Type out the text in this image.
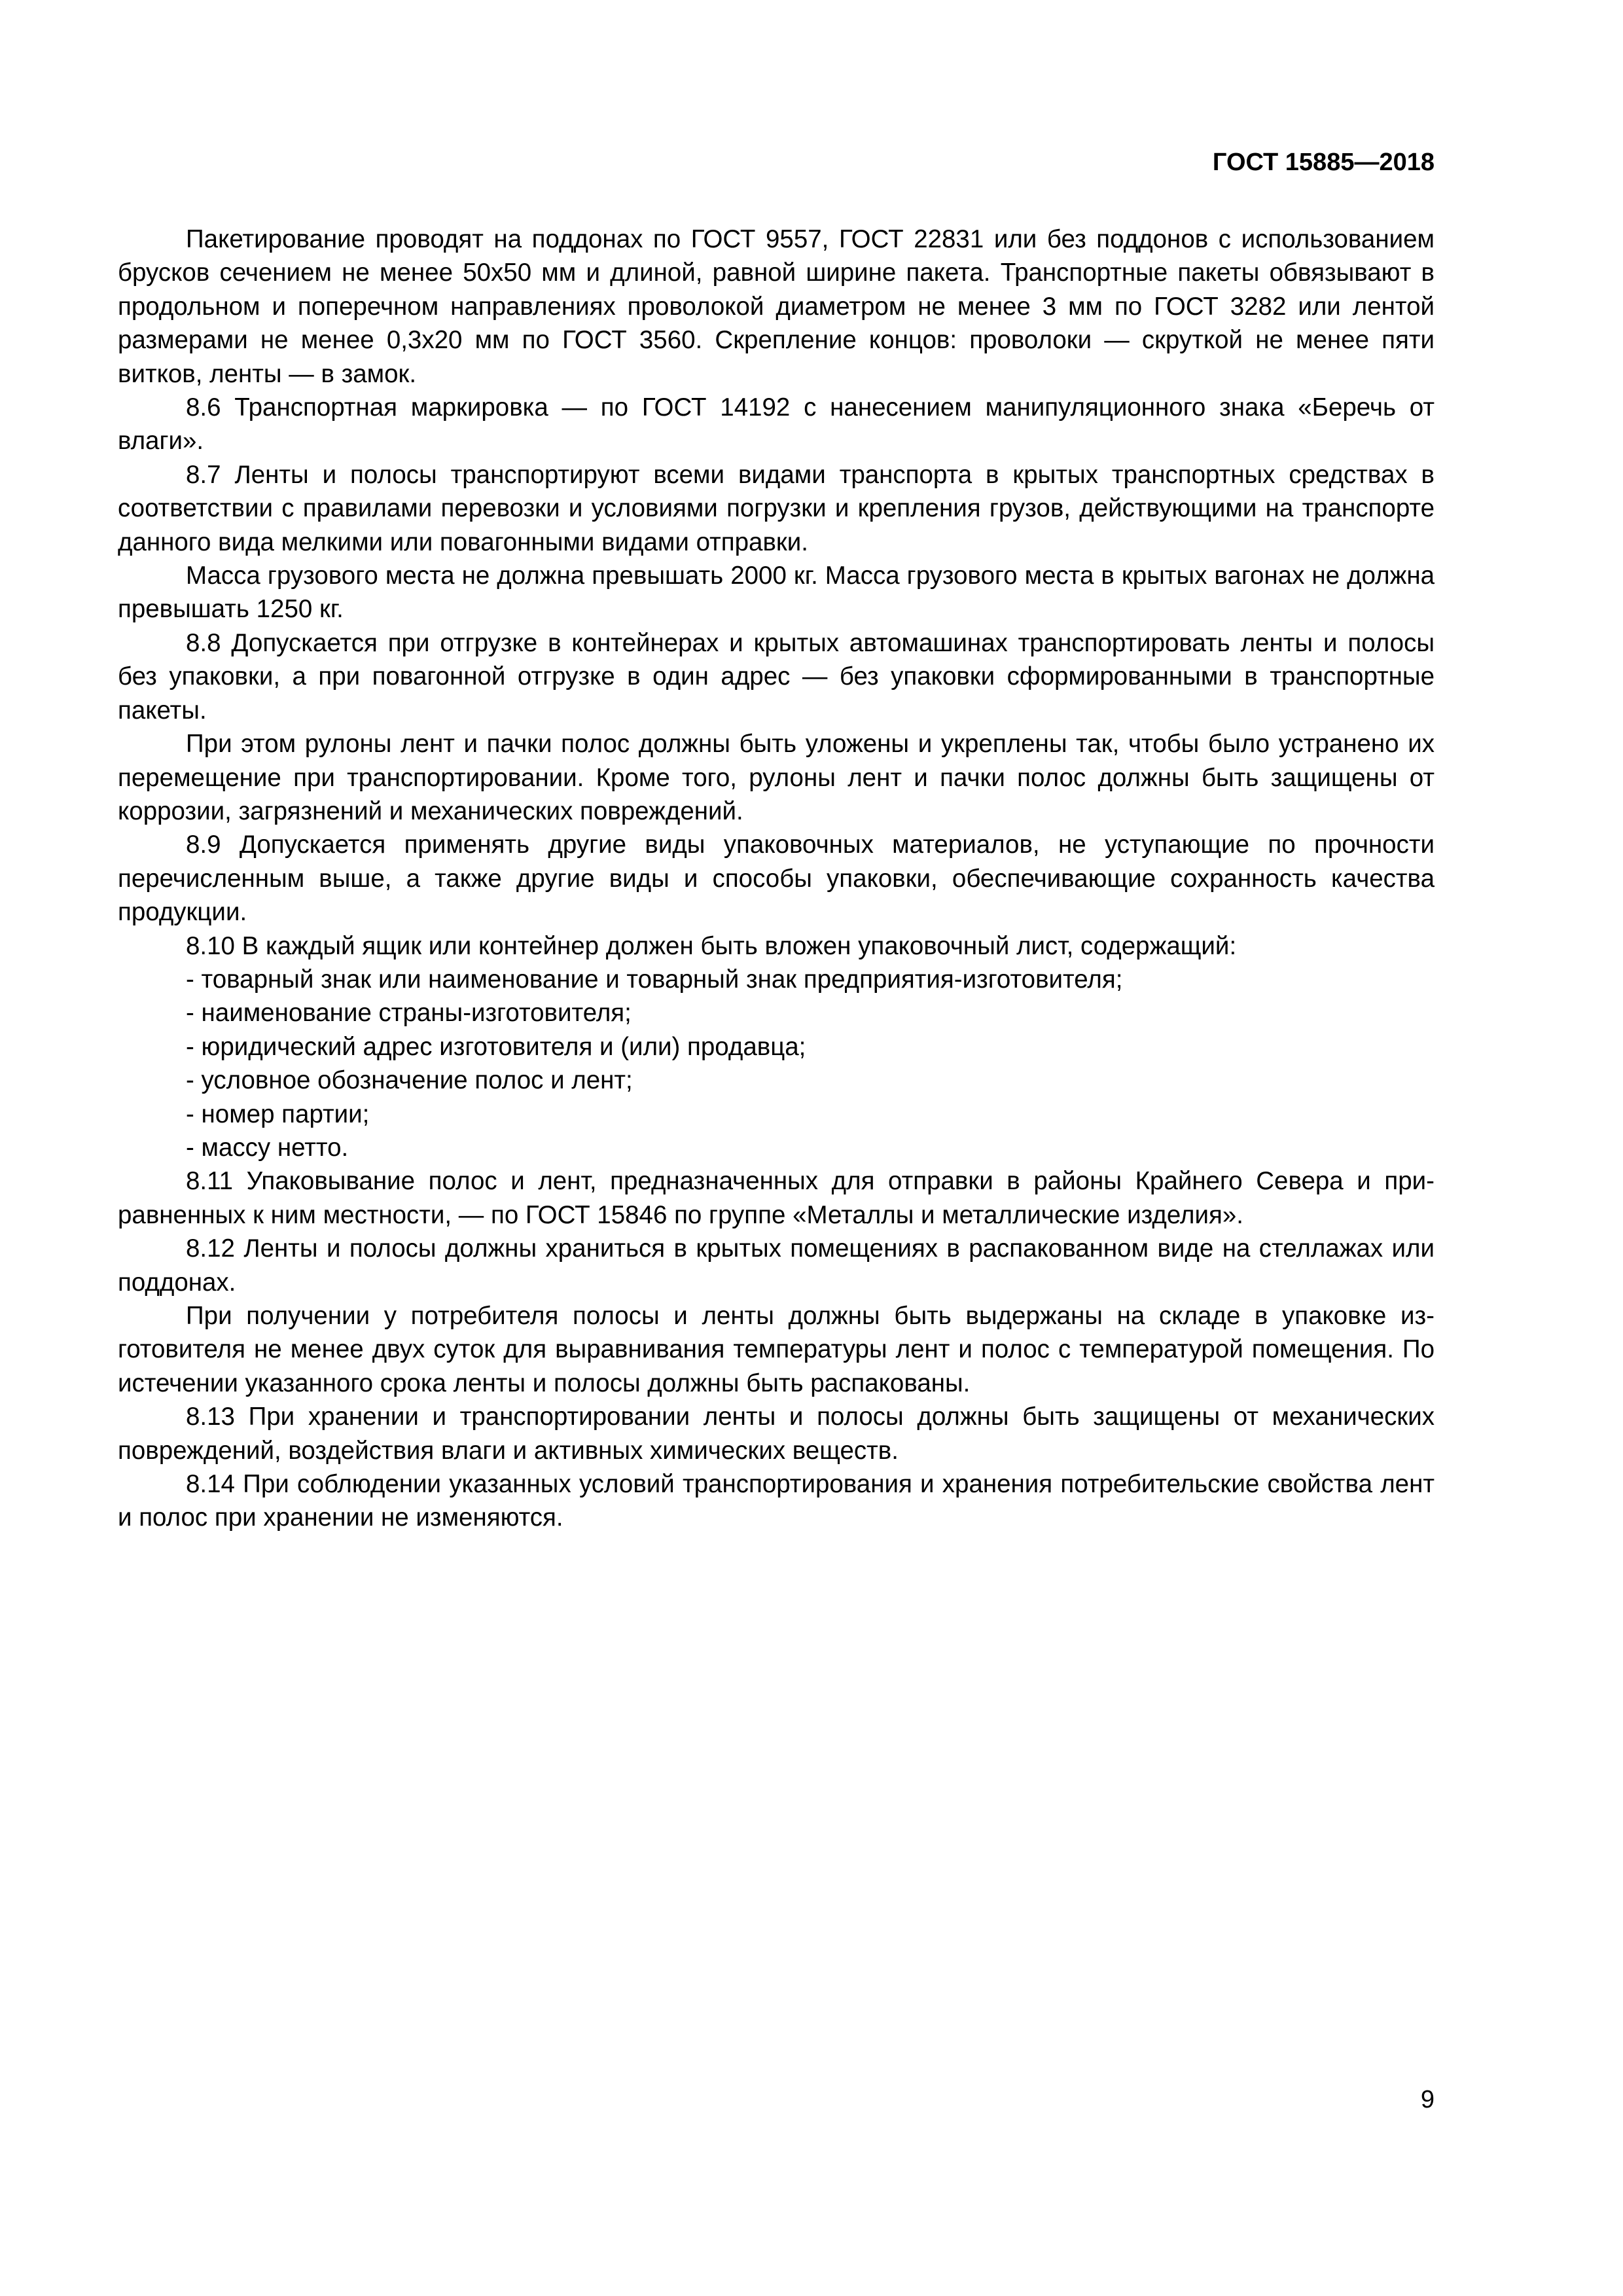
ГОСТ 15885—2018

Пакетирование проводят на поддонах по ГОСТ 9557, ГОСТ 22831 или без поддонов с использованием брусков сечением не менее 50х50 мм и длиной, равной ширине пакета. Транспортные пакеты обвязывают в продольном и поперечном направлениях проволокой диаметром не менее 3 мм по ГОСТ 3282 или лентой размерами не менее 0,3х20 мм по ГОСТ 3560. Скрепление концов: проволоки — скруткой не менее пяти витков, ленты — в замок.

8.6 Транспортная маркировка — по ГОСТ 14192 с нанесением манипуляционного знака «Беречь от влаги».

8.7 Ленты и полосы транспортируют всеми видами транспорта в крытых транспортных средствах в соответствии с правилами перевозки и условиями погрузки и крепления грузов, действующими на транспорте данного вида мелкими или повагонными видами отправки.

Масса грузового места не должна превышать 2000 кг. Масса грузового места в крытых вагонах не должна превышать 1250 кг.

8.8 Допускается при отгрузке в контейнерах и крытых автомашинах транспортировать ленты и полосы без упаковки, а при повагонной отгрузке в один адрес — без упаковки сформированными в транспортные пакеты.

При этом рулоны лент и пачки полос должны быть уложены и укреплены так, чтобы было устранено их перемещение при транспортировании. Кроме того, рулоны лент и пачки полос должны быть защищены от коррозии, загрязнений и механических повреждений.

8.9 Допускается применять другие виды упаковочных материалов, не уступающие по прочности перечисленным выше, а также другие виды и способы упаковки, обеспечивающие сохранность качества продукции.

8.10 В каждый ящик или контейнер должен быть вложен упаковочный лист, содержащий:

- товарный знак или наименование и товарный знак предприятия-изготовителя;

- наименование страны-изготовителя;

- юридический адрес изготовителя и (или) продавца;

- условное обозначение полос и лент;

- номер партии;

- массу нетто.

8.11 Упаковывание полос и лент, предназначенных для отправки в районы Крайнего Севера и приравненных к ним местности, — по ГОСТ 15846 по группе «Металлы и металлические изделия».

8.12 Ленты и полосы должны храниться в крытых помещениях в распакованном виде на стеллажах или поддонах.

При получении у потребителя полосы и ленты должны быть выдержаны на складе в упаковке изготовителя не менее двух суток для выравнивания температуры лент и полос с температурой помещения. По истечении указанного срока ленты и полосы должны быть распакованы.

8.13 При хранении и транспортировании ленты и полосы должны быть защищены от механических повреждений, воздействия влаги и активных химических веществ.

8.14 При соблюдении указанных условий транспортирования и хранения потребительские свойства лент и полос при хранении не изменяются.

9
